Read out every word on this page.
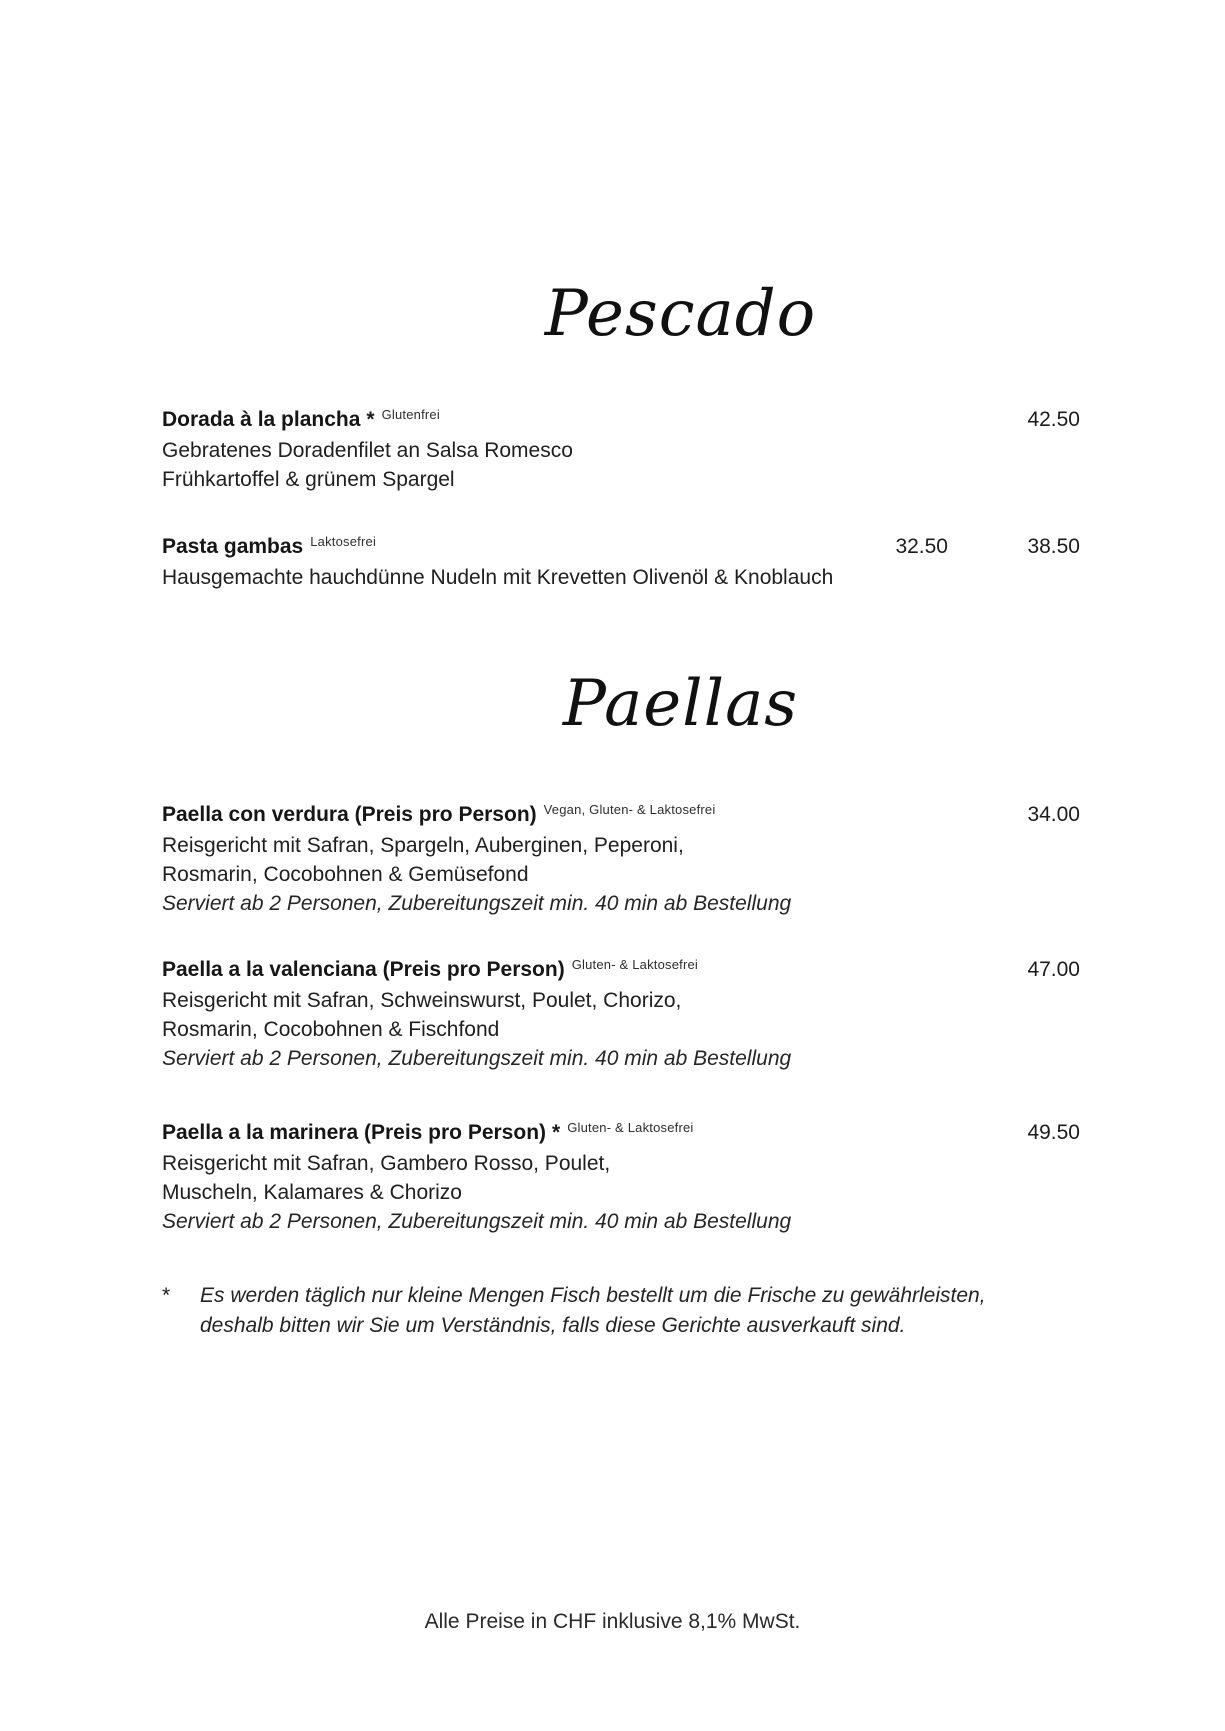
Pescado
Dorada à la plancha * $^{Glutenfrei}$	42.50
Gebratenes Doradenfilet an Salsa Romesco
Frühkartoffel & grünem Spargel
Pasta gambas $^{Laktosefrei}$	32.50	38.50
Hausgemachte hauchdünne Nudeln mit Krevetten Olivenöl & Knoblauch
Paellas
Paella con verdura (Preis pro Person) $^{Vegan, Gluten- \& Laktosefrei}$	34.00
Reisgericht mit Safran, Spargeln, Auberginen, Peperoni,
Rosmarin, Cocobohnen & Gemüsefond
Serviert ab 2 Personen, Zubereitungszeit min. 40 min ab Bestellung
Paella a la valenciana (Preis pro Person) $^{Gluten- \& Laktosefrei}$	47.00
Reisgericht mit Safran, Schweinswurst, Poulet, Chorizo,
Rosmarin, Cocobohnen & Fischfond
Serviert ab 2 Personen, Zubereitungszeit min. 40 min ab Bestellung
Paella a la marinera (Preis pro Person) * $^{Gluten- \& Laktosefrei}$	49.50
Reisgericht mit Safran, Gambero Rosso, Poulet,
Muscheln, Kalamares & Chorizo
Serviert ab 2 Personen, Zubereitungszeit min. 40 min ab Bestellung
* Es werden täglich nur kleine Mengen Fisch bestellt um die Frische zu gewährleisten,
deshalb bitten wir Sie um Verständnis, falls diese Gerichte ausverkauft sind.
Alle Preise in CHF inklusive 8,1% MwSt.
